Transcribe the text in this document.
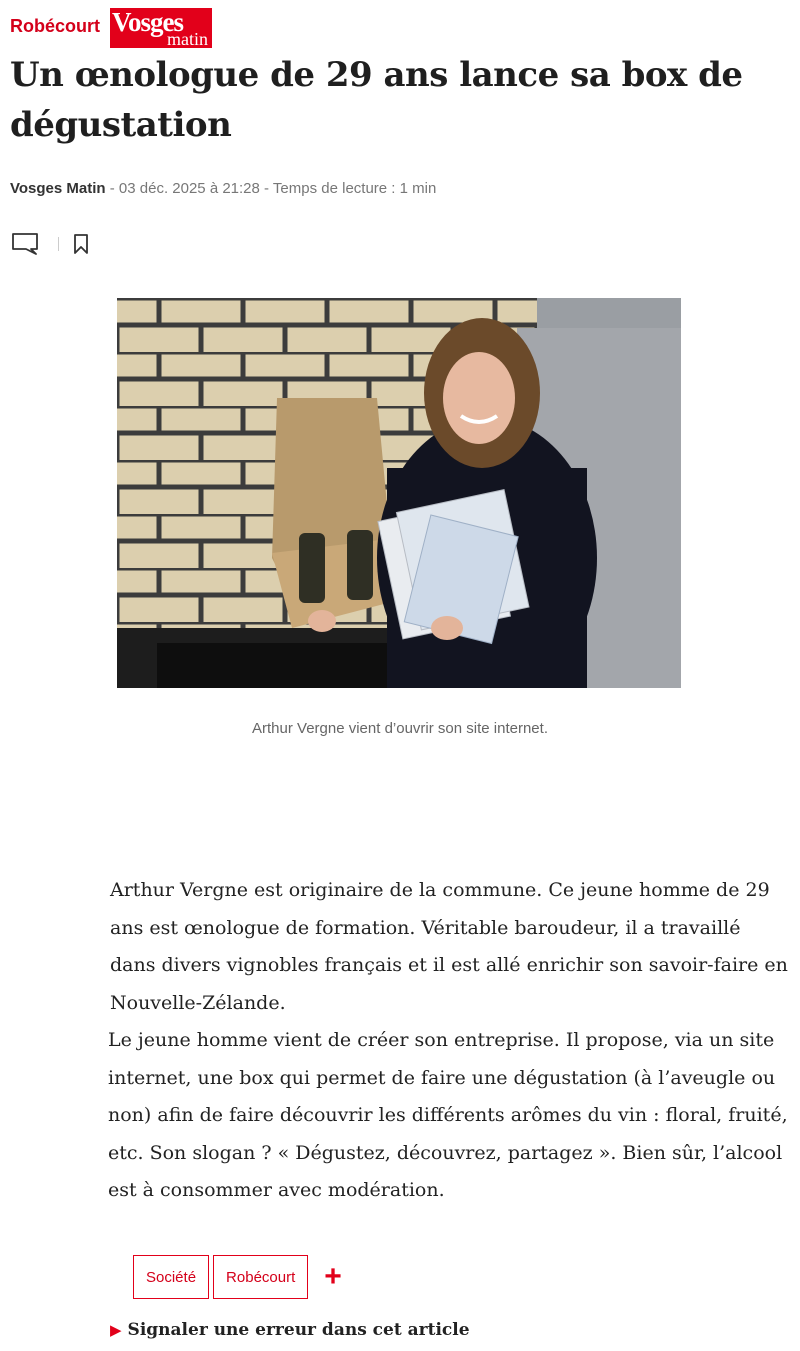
Robécourt Vosges
matin
Un œnologue de 29 ans lance sa box de dégustation
Vosges Matin - 03 déc. 2025 à 21:28 - Temps de lecture : 1 min
Arthur Vergne vient d’ouvrir son site internet.

Arthur Vergne est originaire de la commune. Ce jeune homme de 29 ans est œnologue de formation. Véritable baroudeur, il a travaillé dans divers vignobles français et il est allé enrichir son savoir-faire en Nouvelle-Zélande.

Le jeune homme vient de créer son entreprise. Il propose, via un site internet, une box qui permet de faire une dégustation (à l’aveugle ou non) afin de faire découvrir les différents arômes du vin : floral, fruité, etc. Son slogan ? « Dégustez, découvrez, partagez ». Bien sûr, l’alcool est à consommer avec modération.

Société	Robécourt +
▶ Signaler une erreur dans cet article
